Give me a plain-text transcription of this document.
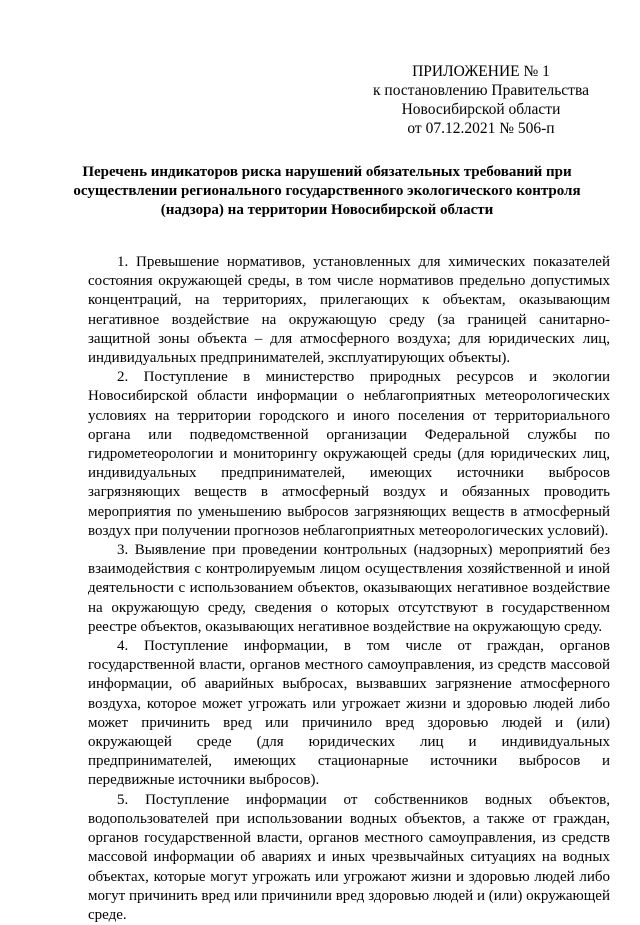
ПРИЛОЖЕНИЕ № 1
к постановлению Правительства
Новосибирской области
от 07.12.2021 № 506-п
Перечень индикаторов риска нарушений обязательных требований при осуществлении регионального государственного экологического контроля (надзора) на территории Новосибирской области

1. Превышение нормативов, установленных для химических показателей состояния окружающей среды, в том числе нормативов предельно допустимых концентраций, на территориях, прилегающих к объектам, оказывающим негативное воздействие на окружающую среду (за границей санитарно-защитной зоны объекта – для атмосферного воздуха; для юридических лиц, индивидуальных предпринимателей, эксплуатирующих объекты).

2. Поступление в министерство природных ресурсов и экологии Новосибирской области информации о неблагоприятных метеорологических условиях на территории городского и иного поселения от территориального органа или подведомственной организации Федеральной службы по гидрометеорологии и мониторингу окружающей среды (для юридических лиц, индивидуальных предпринимателей, имеющих источники выбросов загрязняющих веществ в атмосферный воздух и обязанных проводить мероприятия по уменьшению выбросов загрязняющих веществ в атмосферный воздух при получении прогнозов неблагоприятных метеорологических условий).

3. Выявление при проведении контрольных (надзорных) мероприятий без взаимодействия с контролируемым лицом осуществления хозяйственной и иной деятельности с использованием объектов, оказывающих негативное воздействие на окружающую среду, сведения о которых отсутствуют в государственном реестре объектов, оказывающих негативное воздействие на окружающую среду.

4. Поступление информации, в том числе от граждан, органов государственной власти, органов местного самоуправления, из средств массовой информации, об аварийных выбросах, вызвавших загрязнение атмосферного воздуха, которое может угрожать или угрожает жизни и здоровью людей либо может причинить вред или причинило вред здоровью людей и (или) окружающей среде (для юридических лиц и индивидуальных предпринимателей, имеющих стационарные источники выбросов и передвижные источники выбросов).

5. Поступление информации от собственников водных объектов, водопользователей при использовании водных объектов, а также от граждан, органов государственной власти, органов местного самоуправления, из средств массовой информации об авариях и иных чрезвычайных ситуациях на водных объектах, которые могут угрожать или угрожают жизни и здоровью людей либо могут причинить вред или причинили вред здоровью людей и (или) окружающей среде.
